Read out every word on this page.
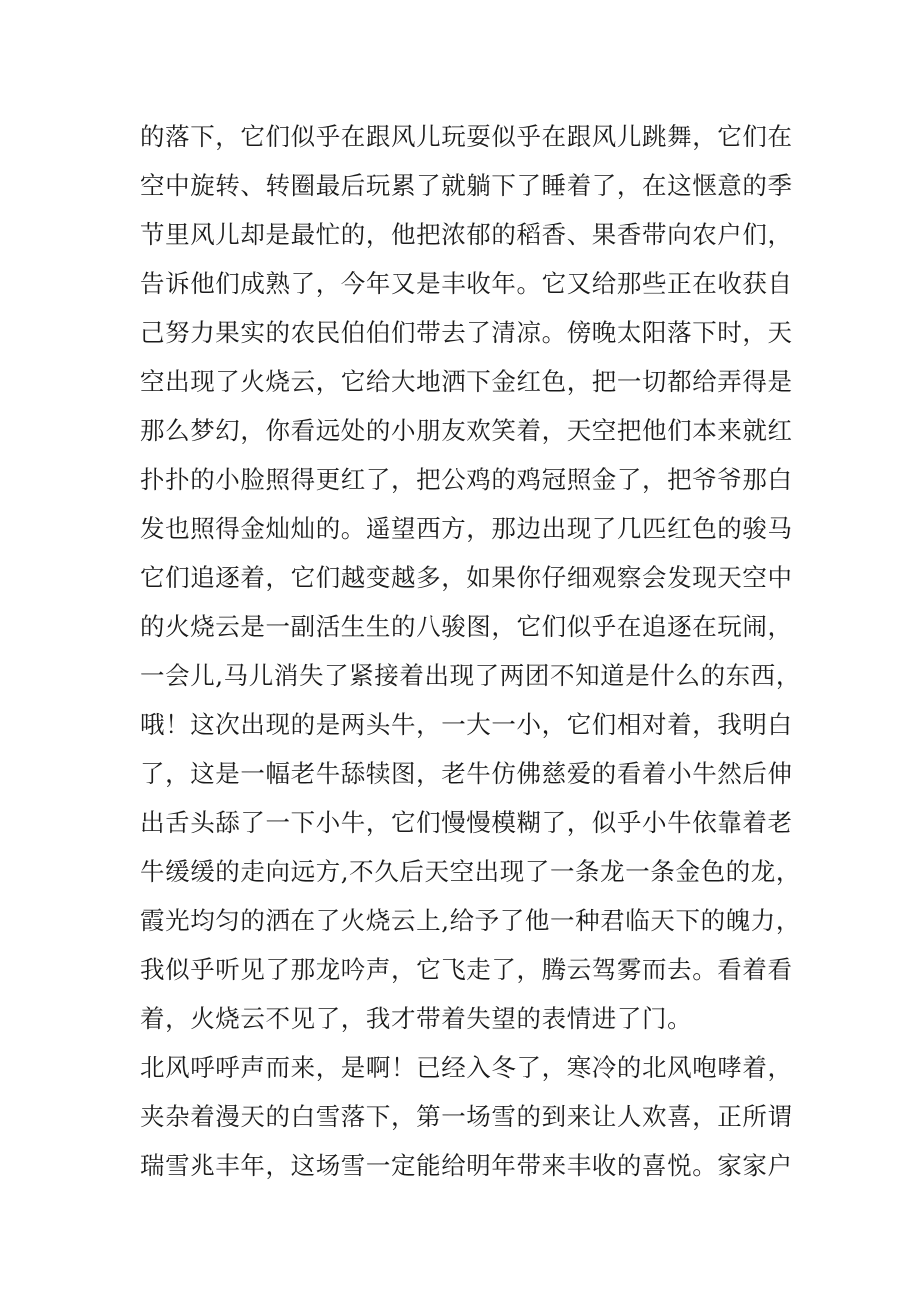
的落下，它们似乎在跟风儿玩耍似乎在跟风儿跳舞，它们在
空中旋转、转圈最后玩累了就躺下了睡着了，在这惬意的季
节里风儿却是最忙的，他把浓郁的稻香、果香带向农户们，
告诉他们成熟了，今年又是丰收年。它又给那些正在收获自
己努力果实的农民伯伯们带去了清凉。傍晚太阳落下时，天
空出现了火烧云，它给大地洒下金红色，把一切都给弄得是
那么梦幻，你看远处的小朋友欢笑着，天空把他们本来就红
扑扑的小脸照得更红了，把公鸡的鸡冠照金了，把爷爷那白
发也照得金灿灿的。遥望西方，那边出现了几匹红色的骏马
它们追逐着，它们越变越多，如果你仔细观察会发现天空中
的火烧云是一副活生生的八骏图，它们似乎在追逐在玩闹，
一会儿,马儿消失了紧接着出现了两团不知道是什么的东西，
哦！这次出现的是两头牛，一大一小，它们相对着，我明白
了，这是一幅老牛舔犊图，老牛仿佛慈爱的看着小牛然后伸
出舌头舔了一下小牛，它们慢慢模糊了，似乎小牛依靠着老
牛缓缓的走向远方,不久后天空出现了一条龙一条金色的龙，
霞光均匀的洒在了火烧云上,给予了他一种君临天下的魄力，
我似乎听见了那龙吟声，它飞走了，腾云驾雾而去。看着看
着，火烧云不见了，我才带着失望的表情进了门。
北风呼呼声而来，是啊！已经入冬了，寒冷的北风咆哮着，
夹杂着漫天的白雪落下，第一场雪的到来让人欢喜，正所谓
瑞雪兆丰年，这场雪一定能给明年带来丰收的喜悦。家家户
